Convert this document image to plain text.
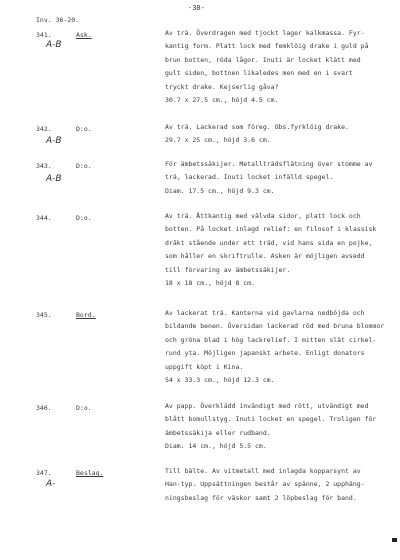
-38-
Inv. 36-20.
341.	Ask.
A-B
Av trä. Överdragen med tjockt lager kalkmassa. Fyr-
kantig form. Platt lock med femklöig drake i guld på
brun botten, röda lågor. Inuti är locket klätt med
gult siden, bottnen likaledes men med en i svart
tryckt drake. Kejserlig gåva?
30.7 x 27.5 cm., höjd 4.5 cm.
342.	D:o.
A-B
Av trä. Lackerad som föreg. Obs.fyrklöig drake.
29.7 x 25 cm., höjd 3.6 cm.
343.	D:o.
A-B
För ämbetssäkijer. Metallträdsflätning över stomme av
trä, lackerad. Inuti locket infälld spegel.
Diam. 17.5 cm., höjd 9.3 cm.
344.	D:o.	Av trä. Åttkantig med välvda sidor, platt lock och
botten. På locket inlagd relief: en filosof i klassisk
dräkt stående under ett träd, vid hans sida en pojke,
som håller en skriftrulle. Asken är möjligen avsedd
till förvaring av ämbetssäkijer.
18 x 18 cm., höjd 8 cm.
345.	Bord.	Av lackerat trä. Kanterna vid gavlarna nedböjda och
bildande benen. Översidan lackerad röd med bruna blommor
och gröna blad i hög lackrelief. I mitten slät cirkel-
rund yta. Möjligen japanskt arbete. Enligt donators
uppgift köpt i Kina.
54 x 33.3 cm., höjd 12.3 cm.
346.	D:o.	Av papp. Överklädd invändigt med rött, utvändigt med
blått bomullstyg. Inuti locket en spegel. Troligen för
ämbetssäkija eller rudband.
Diam. 14 cm., höjd 5.5 cm.
347.	Beslag.
A-
Till bälte. Av vitmetall med inlagda kopparsynt av
Han-typ. Uppsättningen består av spänne, 2 upphäng-
ningsbeslag för väskor samt 2 löpbeslag för band.
